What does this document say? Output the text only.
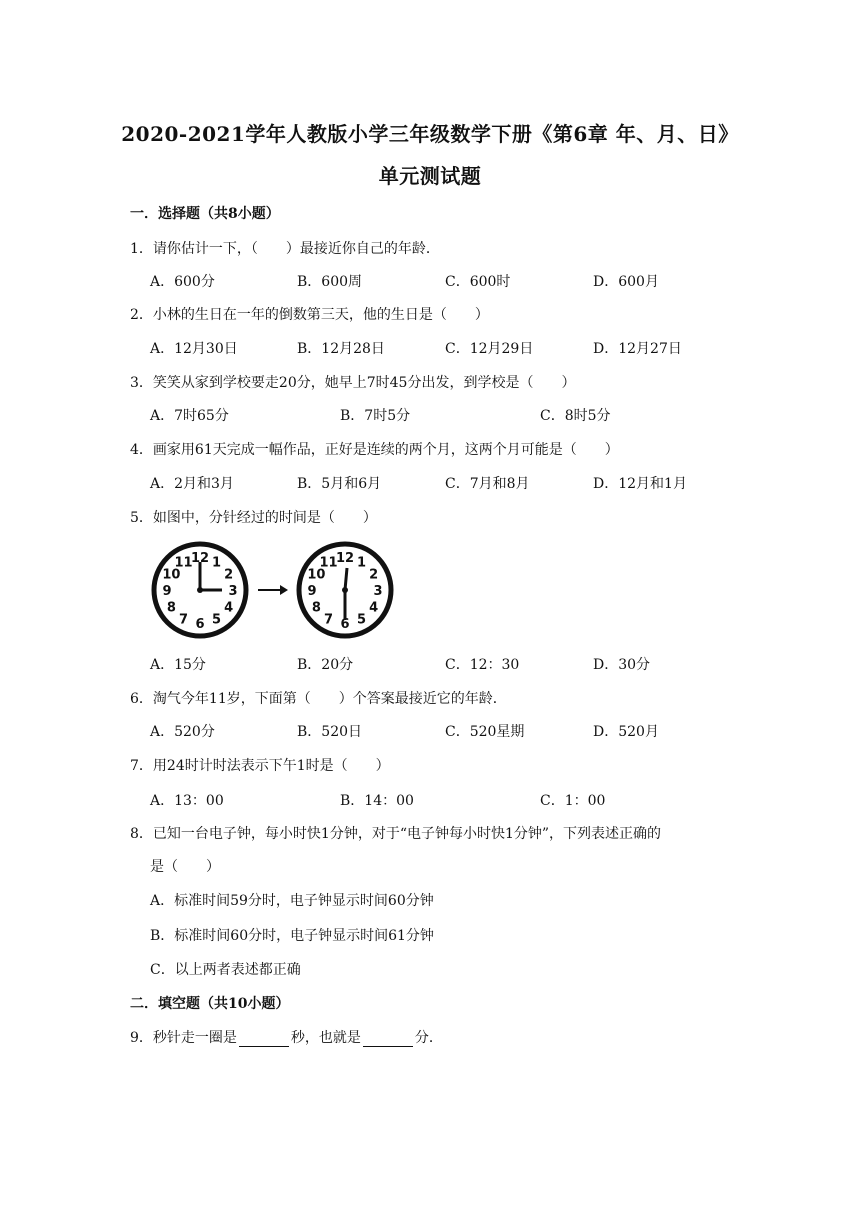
2020-2021学年人教版小学三年级数学下册《第6章 年、月、日》
单元测试题
一．选择题（共8小题）
1．请你估计一下，（　　）最接近你自己的年龄．
A．600分	B．600周	C．600时	D．600月
2．小林的生日在一年的倒数第三天，他的生日是（　　）
A．12月30日	B．12月28日	C．12月29日	D．12月27日
3．笑笑从家到学校要走20分，她早上7时45分出发，到学校是（　　）
A．7时65分	B．7时5分	C．8时5分
4．画家用61天完成一幅作品，正好是连续的两个月，这两个月可能是（　　）
A．2月和3月	B．5月和6月	C．7月和8月	D．12月和1月
5．如图中，分针经过的时间是（　　）
12 1
2
3
4
5
6
7
8
9
10
11	12 1
2
3
4
5
6
7
8
9
10
11
A．15分	B．20分	C．12：30	D．30分
6．淘气今年11岁，下面第（　　）个答案最接近它的年龄．
A．520分	B．520日	C．520星期	D．520月
7．用24时计时法表示下午1时是（　　）
A．13：00	B．14：00	C．1：00
8．已知一台电子钟，每小时快1分钟，对于“电子钟每小时快1分钟”，下列表述正确的
是（　　）
A．标准时间59分时，电子钟显示时间60分钟
B．标准时间60分时，电子钟显示时间61分钟
C．以上两者表述都正确
二．填空题（共10小题）
9．秒针走一圈是	秒，也就是	分．
